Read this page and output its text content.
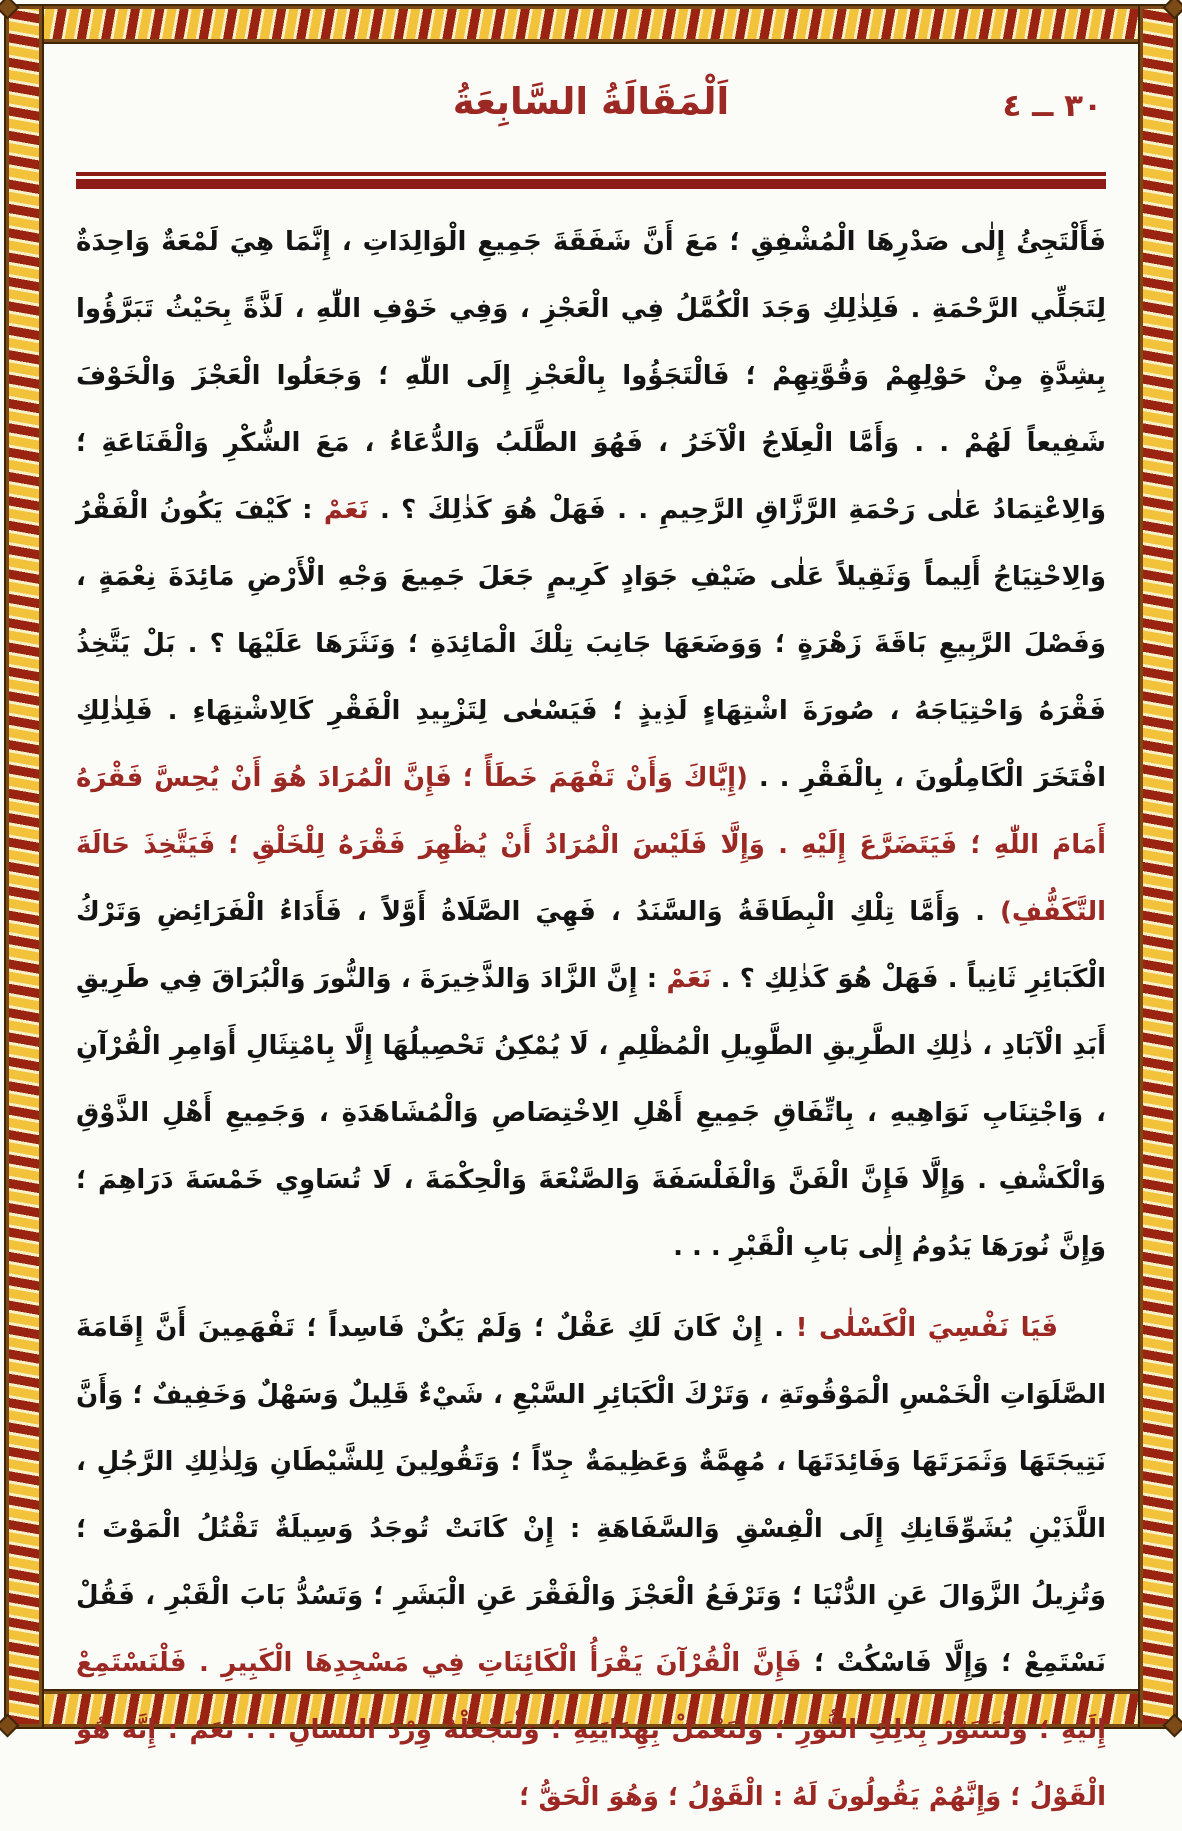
اَلْمَقَالَةُ السَّابِعَةُ	٣٠ ــ ٤

فَأَلْتَجِئُ إِلٰى صَدْرِهَا الْمُشْفِقِ ؛ مَعَ أَنَّ شَفَقَةَ جَمِيعِ الْوَالِدَاتِ ، إِنَّمَا هِيَ لَمْعَةٌ وَاحِدَةٌ لِتَجَلِّي الرَّحْمَةِ . فَلِذٰلِكِ وَجَدَ الْكُمَّلُ فِي الْعَجْزِ ، وَفِي خَوْفِ اللّٰهِ ، لَذَّةً بِحَيْثُ تَبَرَّؤُوا بِشِدَّةٍ مِنْ حَوْلِهِمْ وَقُوَّتِهِمْ ؛ فَالْتَجَؤُوا بِالْعَجْزِ إِلَى اللّٰهِ ؛ وَجَعَلُوا الْعَجْزَ وَالْخَوْفَ شَفِيعاً لَهُمْ . . وَأَمَّا الْعِلَاجُ الْآخَرُ ، فَهُوَ الطَّلَبُ وَالدُّعَاءُ ، مَعَ الشُّكْرِ وَالْقَنَاعَةِ ؛ وَالِاعْتِمَادُ عَلٰى رَحْمَةِ الرَّزَّاقِ الرَّحِيمِ . . فَهَلْ هُوَ كَذٰلِكَ ؟ . نَعَمْ : كَيْفَ يَكُونُ الْفَقْرُ وَالِاحْتِيَاجُ أَلِيماً وَثَقِيلاً عَلٰى ضَيْفِ جَوَادٍ كَرِيمٍ جَعَلَ جَمِيعَ وَجْهِ الْأَرْضِ مَائِدَةَ نِعْمَةٍ ، وَفَصْلَ الرَّبِيعِ بَاقَةَ زَهْرَةٍ ؛ وَوَضَعَهَا جَانِبَ تِلْكَ الْمَائِدَةِ ؛ وَنَثَرَهَا عَلَيْهَا ؟ . بَلْ يَتَّخِذُ فَقْرَهُ وَاحْتِيَاجَهُ ، صُورَةَ اشْتِهَاءٍ لَذِيذٍ ؛ فَيَسْعٰى لِتَزْيِيدِ الْفَقْرِ كَالِاشْتِهَاءِ . فَلِذٰلِكِ افْتَخَرَ الْكَامِلُونَ ، بِالْفَقْرِ . . (إِيَّاكَ وَأَنْ تَفْهَمَ خَطَأً ؛ فَإِنَّ الْمُرَادَ هُوَ أَنْ يُحِسَّ فَقْرَهُ أَمَامَ اللّٰهِ ؛ فَيَتَضَرَّعَ إِلَيْهِ . وَإِلَّا فَلَيْسَ الْمُرَادُ أَنْ يُظْهِرَ فَقْرَهُ لِلْخَلْقِ ؛ فَيَتَّخِذَ حَالَةَ التَّكَفُّفِ) . وَأَمَّا تِلْكِ الْبِطَاقَةُ وَالسَّنَدُ ، فَهِيَ الصَّلَاةُ أَوَّلاً ، فَأَدَاءُ الْفَرَائِضِ وَتَرْكُ الْكَبَائِرِ ثَانِياً . فَهَلْ هُوَ كَذٰلِكِ ؟ . نَعَمْ : إِنَّ الزَّادَ وَالذَّخِيرَةَ ، وَالنُّورَ وَالْبُرَاقَ فِي طَرِيقِ أَبَدِ الْآبَادِ ، ذٰلِكِ الطَّرِيقِ الطَّوِيلِ الْمُظْلِمِ ، لَا يُمْكِنُ تَحْصِيلُهَا إِلَّا بِامْتِثَالِ أَوَامِرِ الْقُرْآنِ ، وَاجْتِنَابِ نَوَاهِيهِ ، بِاتِّفَاقِ جَمِيعِ أَهْلِ الِاخْتِصَاصِ وَالْمُشَاهَدَةِ ، وَجَمِيعِ أَهْلِ الذَّوْقِ وَالْكَشْفِ . وَإِلَّا فَإِنَّ الْفَنَّ وَالْفَلْسَفَةَ وَالصَّنْعَةَ وَالْحِكْمَةَ ، لَا تُسَاوِي خَمْسَةَ دَرَاهِمَ ؛ وَإِنَّ نُورَهَا يَدُومُ إِلٰى بَابِ الْقَبْرِ . . .

فَيَا نَفْسِيَ الْكَسْلٰى ! . إِنْ كَانَ لَكِ عَقْلٌ ؛ وَلَمْ يَكُنْ فَاسِداً ؛ تَفْهَمِينَ أَنَّ إِقَامَةَ الصَّلَوَاتِ الْخَمْسِ الْمَوْقُوتَةِ ، وَتَرْكَ الْكَبَائِرِ السَّبْعِ ، شَيْءٌ قَلِيلٌ وَسَهْلٌ وَخَفِيفٌ ؛ وَأَنَّ نَتِيجَتَهَا وَثَمَرَتَهَا وَفَائِدَتَهَا ، مُهِمَّةٌ وَعَظِيمَةٌ جِدّاً ؛ وَتَقُولِينَ لِلشَّيْطَانِ وَلِذٰلِكِ الرَّجُلِ ، اللَّذَيْنِ يُشَوِّقَانِكِ إِلَى الْفِسْقِ وَالسَّفَاهَةِ : إِنْ كَانَتْ تُوجَدُ وَسِيلَةٌ تَقْتُلُ الْمَوْتَ ؛ وَتُزِيلُ الزَّوَالَ عَنِ الدُّنْيَا ؛ وَتَرْفَعُ الْعَجْزَ وَالْفَقْرَ عَنِ الْبَشَرِ ؛ وَتَسُدُّ بَابَ الْقَبْرِ ، فَقُلْ نَسْتَمِعْ ؛ وَإِلَّا فَاسْكُتْ ؛ فَإِنَّ الْقُرْآنَ يَقْرَأُ الْكَائِنَاتِ فِي مَسْجِدِهَا الْكَبِيرِ . فَلْنَسْتَمِعْ إِلَيْهِ ؛ وَلْنَتَنَوَّرْ بِذٰلِكِ النُّورِ ؛ وَلْنَعْمَلْ بِهِدَايَتِهِ ؛ وَلْنَجْعَلْهُ وِرْدَ اللِّسَانِ . . نَعَمْ : إِنَّهُ هُوَ الْقَوْلُ ؛ وَإِنَّهُمْ يَقُولُونَ لَهُ : الْقَوْلُ ؛ وَهُوَ الْحَقُّ ؛
